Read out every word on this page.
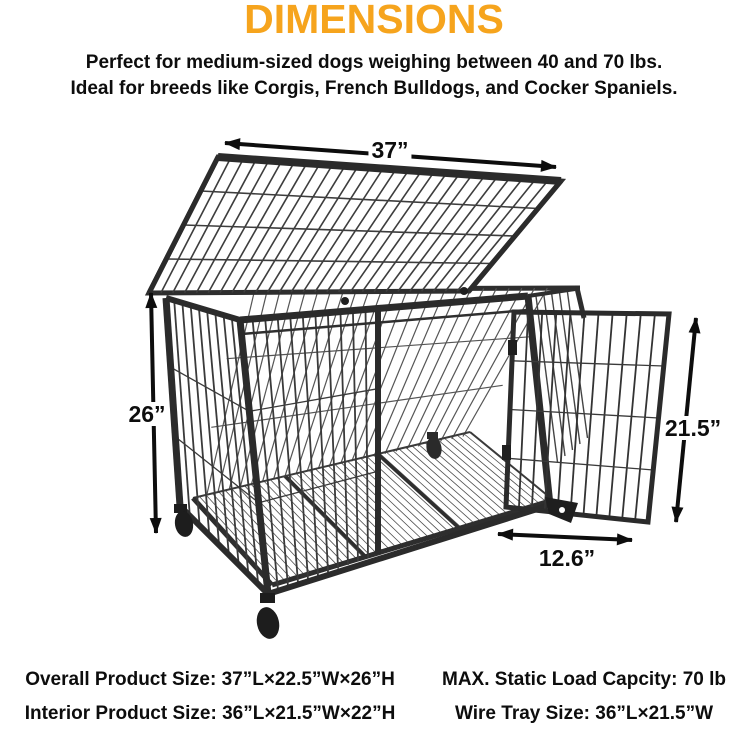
DIMENSIONS
Perfect for medium-sized dogs weighing between 40 and 70 lbs.
Ideal for breeds like Corgis, French Bulldogs, and Cocker Spaniels.
37”
26”
21.5”
12.6”
Overall Product Size: 37”L×22.5”W×26”H	MAX. Static Load Capcity: 70 lb
Interior Product Size: 36”L×21.5”W×22”H	Wire Tray Size: 36”L×21.5”W
